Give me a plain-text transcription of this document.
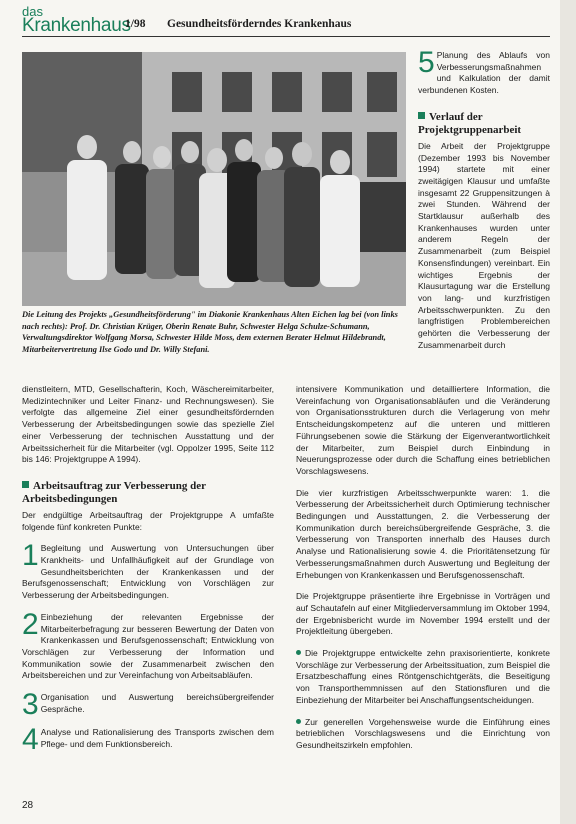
das
Krankenhaus
1/98 Gesundheitsförderndes Krankenhaus
Die Leitung des Projekts „Gesundheitsförderung" im Diakonie Krankenhaus Alten Eichen lag bei (von links nach rechts): Prof. Dr. Christian Krüger, Oberin Renate Buhr, Schwester Helga Schulze-Schumann, Verwaltungsdirektor Wolfgang Morsa, Schwester Hilde Moss, dem externen Berater Helmut Hildebrandt, Mitarbeitervertretung Ilse Godo und Dr. Willy Stefani.
5 Planung des Ablaufs von Verbesserungsmaßnahmen und Kalkulation der damit verbundenen Kosten.

Verlauf der Projektgruppenarbeit

Die Arbeit der Projektgruppe (Dezember 1993 bis November 1994) startete mit einer zweitägigen Klausur und umfaßte insgesamt 22 Gruppensitzungen à zwei Stunden. Während der Startklausur außerhalb des Krankenhauses wurden unter anderem Regeln der Zusammenarbeit (zum Beispiel Konsensfindungen) vereinbart. Ein wichtiges Ergebnis der Klausurtagung war die Erstellung von lang- und kurzfristigen Arbeitsschwerpunkten. Zu den langfristigen Problembereichen gehörten die Verbesserung der Zusammenarbeit durch

dienstleitern, MTD, Gesellschafterin, Koch, Wäschereimitarbeiter, Medizintechniker und Leiter Finanz- und Rechnungswesen). Sie verfolgte das allgemeine Ziel einer gesundheitsfördernden Verbesserung der Arbeitsbedingungen sowie das spezielle Ziel einer Verbesserung der technischen Ausstattung und der Arbeitssicherheit für die Mitarbeiter (vgl. Oppolzer 1995, Seite 112 bis 146: Projektgruppe A 1994).

Arbeitsauftrag zur Verbesserung der Arbeitsbedingungen

Der endgültige Arbeitsauftrag der Projektgruppe A umfaßte folgende fünf konkreten Punkte:

1 Begleitung und Auswertung von Untersuchungen über Krankheits- und Unfallhäufigkeit auf der Grundlage von Gesundheitsberichten der Krankenkassen und der Berufsgenossenschaft; Entwicklung von Vorschlägen zur Verbesserung der Arbeitsbedingungen.

2 Einbeziehung der relevanten Ergebnisse der Mitarbeiterbefragung zur besseren Bewertung der Daten von Krankenkassen und Berufsgenossenschaft; Entwicklung von Vorschlägen zur Verbesserung der Information und Kommunikation sowie der Zusammenarbeit zwischen den Arbeitsbereichen und zur Vereinfachung von Arbeitsabläufen.

3 Organisation und Auswertung bereichsübergreifender Gespräche.

4 Analyse und Rationalisierung des Transports zwischen dem Pflege- und dem Funktionsbereich.

intensivere Kommunikation und detailliertere Information, die Vereinfachung von Organisationsabläufen und die Veränderung von Organisationsstrukturen durch die Verlagerung von mehr Entscheidungskompetenz auf die unteren und mittleren Führungsebenen sowie die Stärkung der Eigenverantwortlichkeit der Mitarbeiter, zum Beispiel durch Einbindung in Neuerungsprozesse oder durch die Schaffung eines betrieblichen Vorschlagswesens.

Die vier kurzfristigen Arbeitsschwerpunkte waren: 1. die Verbesserung der Arbeitssicherheit durch Optimierung technischer Bedingungen und Ausstattungen, 2. die Verbesserung der Kommunikation durch bereichsübergreifende Gespräche, 3. die Verbesserung von Transporten innerhalb des Hauses durch Analyse und Rationalisierung sowie 4. die Prioritätensetzung für Verbesserungsmaßnahmen durch Auswertung und Begleitung der Erhebungen von Krankenkassen und Berufsgenossenschaft.

Die Projektgruppe präsentierte ihre Ergebnisse in Vorträgen und auf Schautafeln auf einer Mitgliederversammlung im Oktober 1994, der Ergebnisbericht wurde im November 1994 erstellt und der Projektleitung übergeben.

Die Projektgruppe entwickelte zehn praxisorientierte, konkrete Vorschläge zur Verbesserung der Arbeitssituation, zum Beispiel die Ersatzbeschaffung eines Röntgenschichtgeräts, die Beseitigung von Transporthemmnissen auf den Stationsfluren und die Einbeziehung der Mitarbeiter bei Anschaffungsentscheidungen.

Zur generellen Vorgehensweise wurde die Einführung eines betrieblichen Vorschlagswesens und die Einrichtung von Gesundheitszirkeln empfohlen.

28
